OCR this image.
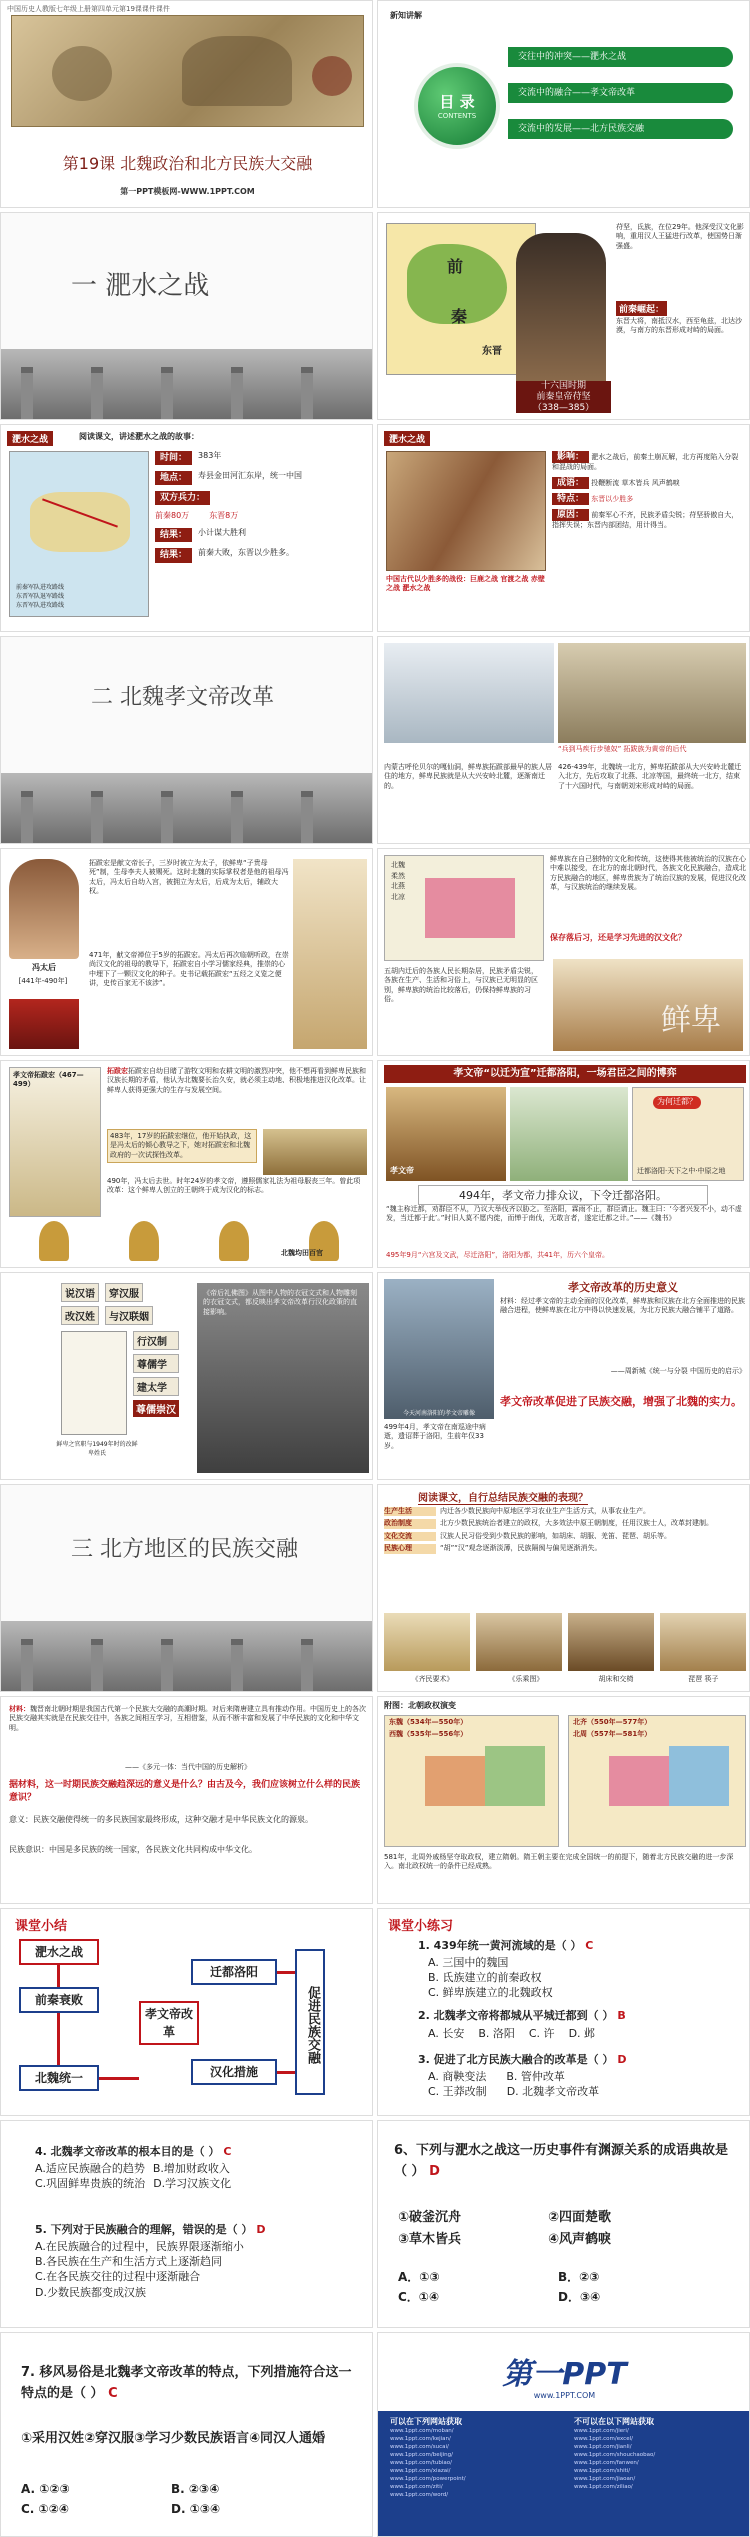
中国历史人教版七年级上册第四单元第19课课件课件
第19课 北魏政治和北方民族大交融
第一PPT模板网-WWW.1PPT.COM
新知讲解
目 录
CONTENTS
交往中的冲突——淝水之战
交流中的融合——孝文帝改革
交流中的发展——北方民族交融
一 淝水之战
前
秦
东晋
十六国时期
前秦皇帝苻坚
（338—385）
苻坚，氐族，在位29年。他深受汉文化影响，重用汉人王猛进行改革，使国势日渐强盛。
前秦崛起：
东晋大将，南抵汉水，西至龟兹，北达沙漠，与南方的东晋形成对峙的局面。
淝水之战	阅读课文，讲述淝水之战的故事：
前秦军队进攻路线
东晋军队退军路线
东晋军队进攻路线
时间：	383年
地点：	寿县金田河汇东岸，统一中国
双方兵力：
前秦80万	东晋8万
结果：	小计谋大胜利
结果：	前秦大败，东晋以少胜多。
淝水之战
中国古代以少胜多的战役：巨鹿之战 官渡之战 赤壁之战 淝水之战
影响： 淝水之战后，前秦土崩瓦解，北方再度陷入分裂和混战的局面。
成语： 投鞭断流 草木皆兵 风声鹤唳
特点： 东晋以少胜多
原因： 前秦军心不齐，民族矛盾尖锐；苻坚骄傲自大，指挥失误；东晋内部团结，用计得当。
二 北魏孝文帝改革
“兵到马疾行步驰奴” 拓跋族为黄帝的后代
内蒙古呼伦贝尔的嘎仙洞，鲜卑族拓跋部最早的族人居住的地方，鲜卑民族就是从大兴安岭北麓，逐渐南迁的。
426-439年，北魏统一北方，鲜卑拓跋部从大兴安岭北麓迁入北方，先后攻取了北燕、北凉等国，最终统一北方，结束了十六国时代，与南朝刘宋形成对峙的局面。
冯太后
[441年-490年]
拓跋宏是献文帝长子，三岁时被立为太子，依鲜卑“子贵母死”制，生母李夫人被赐死。这时北魏的实际掌权者是他的祖母冯太后，冯太后自幼入宫，被拥立为太后，后成为太后，辅政大权。
471年，献文帝禅位于5岁的拓跋宏。冯太后再次临朝听政，在崇尚汉文化的祖母的教导下，拓跋宏自小学习儒家经典，推崇的心中埋下了一颗汉文化的种子。史书记载拓跋宏“五经之义览之便讲，史传百家无不该涉”。
北魏
柔然
北燕
北凉
五胡内迁后的各族人民长期杂居，民族矛盾尖锐，各族在生产、生活和习俗上，与汉族已无明显的区别，鲜卑族的统治比较落后，仍保持鲜卑族的习俗。
鲜卑族在自己独特的文化和传统，这使得其他被统治的汉族在心中难以接受，在北方的南北朝时代，各族文化民族融合，造成北方民族融合的地区，鲜卑贵族为了统治汉族的发展，促进汉化改革，与汉族统治的继续发展。
保存落后习，还是学习先进的汉文化？
鲜卑
孝文帝拓跋宏（467—499）
拓跋宏拓跋宏自幼目睹了游牧文明和农耕文明的激烈冲突，他不想再看到鲜卑民族和汉族长期的矛盾，他认为北魏要长治久安，就必须主动地、积极地推进汉化改革。让鲜卑人获得更强大的生存与发展空间。
483年，17岁的拓跋宏继位，他开始执政，这是冯太后的倾心教导之下，她对拓跋宏和北魏政府的一次试探性改革。
490年，冯太后去世。时年24岁的孝文帝，遵照儒家礼法为祖母服丧三年。曾此项改革：这个鲜卑人创立的王朝终于成为汉化的标志。
北魏均田百官
孝文帝“以迁为宣”迁都洛阳，一场君臣之间的博弈
孝文帝
为何迁都？
迁都洛阳·天下之中·中原之地
494年，孝文帝力排众议，下令迁都洛阳。
“魏主称迁都，劝群臣不从，乃议大举伐齐以胁之。至洛阳，霖雨不止，群臣请止。魏主曰：‘今者兴发不小，动不虚发，当迁都于此’。”时旧人莫不愿内徙，而惮于南伐，无敢言者，遂定迁都之计。”——《魏书》
495年9月“六宫及文武，尽迁洛阳”，洛阳为都，共41年，历六个皇帝。
说汉语	穿汉服
改汉姓	与汉联姻
行汉制
尊儒学
建太学
尊儒崇汉
鲜卑之官职与1949年时的改鲜卑姓氏
《帝后礼佛图》从图中人物的衣冠文式和人物雕刻的衣冠文式，都反映出孝文帝改革行汉化政策的直接影响。
今天河南洛阳的孝文帝雕像
孝文帝改革的历史意义
材料：经过孝文帝的主动全面的汉化改革，鲜卑族和汉族在北方全面推进的民族融合进程，使鲜卑族在北方中得以快速发展，为北方民族大融合铺平了道路。
——周新城《统一与分裂 中国历史的启示》
499年4月，孝文帝在南巡途中病逝，遗诏葬于洛阳，生前年仅33岁。
孝文帝改革促进了民族交融，增强了北魏的实力。
三 北方地区的民族交融
阅读课文，自行总结民族交融的表现？
生产生活	内迁各少数民族向中原地区学习农业生产生活方式，从事农业生产。
政治制度	北方少数民族统治者建立的政权，大多效法中原王朝制度，任用汉族士人，改革封建制。
文化交流	汉族人民习俗受到少数民族的影响，如胡床、胡服、羌笛、琵琶、胡乐等。
民族心理	“胡”“汉”观念逐渐淡薄，民族隔阂与偏见逐渐消失。
《齐民要术》	《乐乘图》	胡床和交椅	琵琶 筷子
材料：魏晋南北朝时期是我国古代第一个民族大交融的高潮时期。对后来隋唐建立具有推动作用。中国历史上的各次民族交融其实就是在民族交往中，各族之间相互学习，互相借鉴，从而不断丰富和发展了中华民族的文化和中华文明。
——《多元一体：当代中国的历史解析》
据材料，这一时期民族交融趋深远的意义是什么？由古及今，我们应该树立什么样的民族意识？
意义：民族交融使得统一的多民族国家最终形成，这种交融才是中华民族文化的源泉。
民族意识：中国是多民族的统一国家，各民族文化共同构成中华文化。
附图：北朝政权演变
东魏（534年—550年）
西魏（535年—556年）
北齐（550年—577年）
北周（557年—581年）
581年，北周外戚杨坚夺取政权，建立隋朝。隋王朝主要在完成全国统一的前提下，随着北方民族交融的进一步深入。南北政权统一的条件已经成熟。
课堂小结
淝水之战
前秦衰败
北魏统一
孝文帝改革
迁都洛阳
汉化措施
促进民族交融
课堂小练习
1. 439年统一黄河流域的是（ ） C
A. 三国中的魏国
B. 氐族建立的前秦政权
C. 鲜卑族建立的北魏政权
2. 北魏孝文帝将都城从平城迁都到（ ） B
A. 长安 B. 洛阳 C. 许 D. 邺
3. 促进了北方民族大融合的改革是（ ） D
A. 商鞅变法 B. 管仲改革
C. 王莽改制 D. 北魏孝文帝改革
4. 北魏孝文帝改革的根本目的是（ ） C
A.适应民族融合的趋势 B.增加财政收入
C.巩固鲜卑贵族的统治 D.学习汉族文化
5. 下列对于民族融合的理解，错误的是（ ） D
A.在民族融合的过程中，民族界限逐渐缩小
B.各民族在生产和生活方式上逐渐趋同
C.在各民族交往的过程中逐渐融合
D.少数民族都变成汉族
6、下列与淝水之战这一历史事件有渊源关系的成语典故是（ ） D
①破釜沉舟	②四面楚歌
③草木皆兵	④风声鹤唳
A．①③	B．②③
C．①④	D．③④
7. 移风易俗是北魏孝文帝改革的特点，下列措施符合这一特点的是（ ） C
①采用汉姓②穿汉服③学习少数民族语言④同汉人通婚
A. ①②③	B. ②③④
C. ①②④	D. ①③④
第一PPT
www.1PPT.COM
可以在下列网站获取
www.1ppt.com/moban/
www.1ppt.com/kejian/
www.1ppt.com/sucai/
www.1ppt.com/beijing/
www.1ppt.com/tubiao/
www.1ppt.com/xiazai/
www.1ppt.com/powerpoint/
www.1ppt.com/ziti/
www.1ppt.com/word/
不可以在以下网站获取
www.1ppt.com/jieri/
www.1ppt.com/excel/
www.1ppt.com/jianli/
www.1ppt.com/shouchaobao/
www.1ppt.com/fanwen/
www.1ppt.com/shiti/
www.1ppt.com/jiaoan/
www.1ppt.com/ziliao/
